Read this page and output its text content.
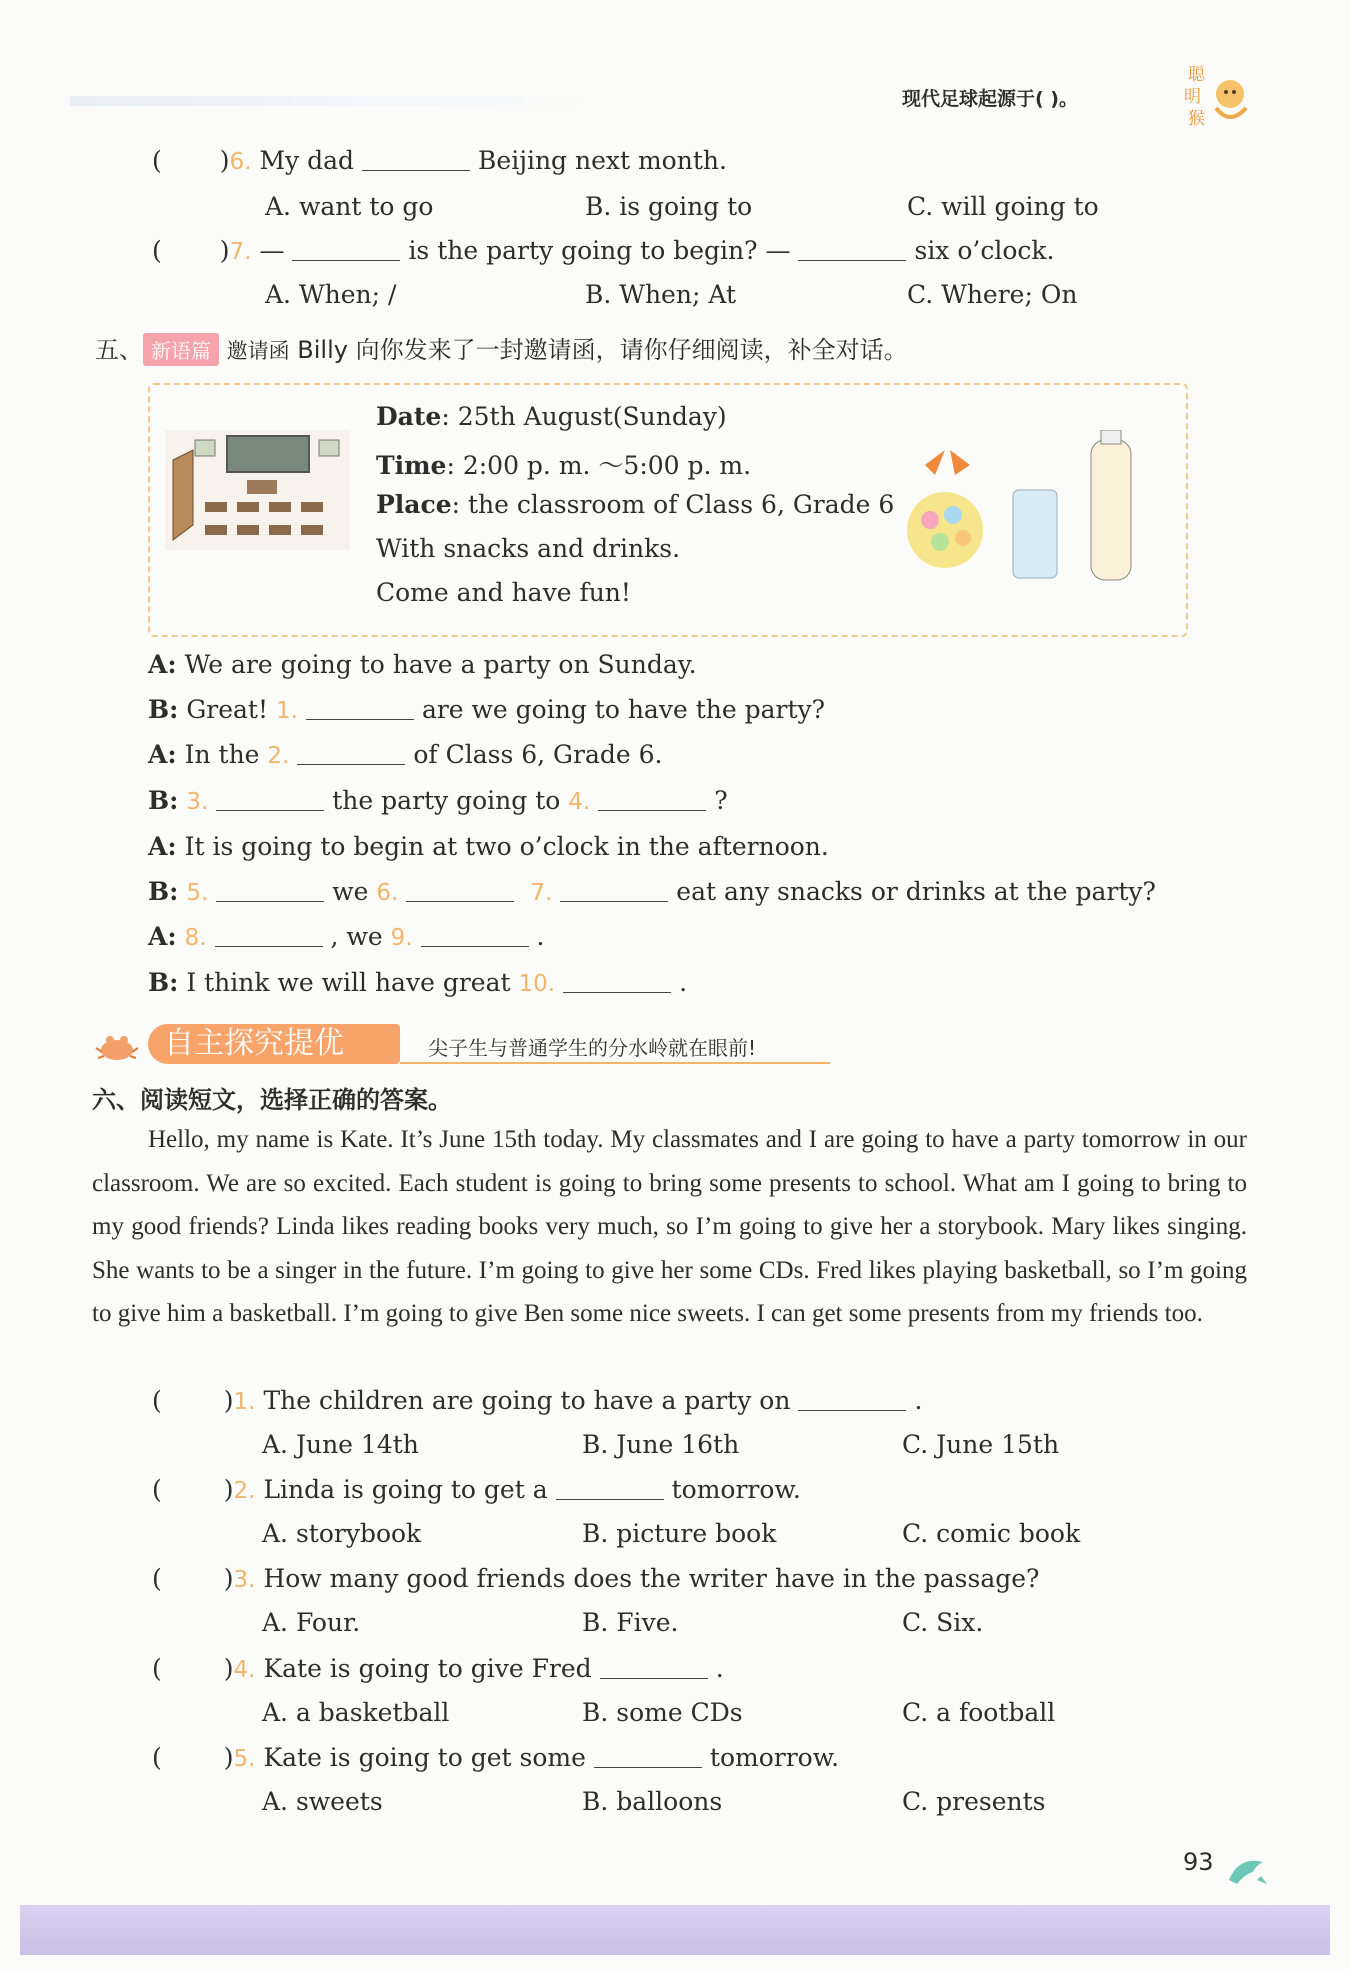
现代足球起源于( )。
聪
明
猴
( )6. My dad	Beijing next month.
A. want to go	B. is going to	C. will going to
( )7. —	is the party going to begin? —	six o’clock.
A. When; /	B. When; At	C. Where; On
五、 新语篇 邀请函 Billy 向你发来了一封邀请函，请你仔细阅读，补全对话。
Date: 25th August(Sunday)
Time: 2:00 p. m. ～5:00 p. m.
Place: the classroom of Class 6, Grade 6
With snacks and drinks.
Come and have fun!
A: We are going to have a party on Sunday.
B: Great! 1.	are we going to have the party?
A: In the 2.	of Class 6, Grade 6.
B: 3.	the party going to 4.	?
A: It is going to begin at two o’clock in the afternoon.
B: 5.	we 6.	7.	eat any snacks or drinks at the party?
A: 8.	, we 9.	.
B: I think we will have great 10.	.
自主探究提优	尖子生与普通学生的分水岭就在眼前!
六、阅读短文，选择正确的答案。

Hello, my name is Kate. It’s June 15th today. My classmates and I are going to have a party tomorrow in our classroom. We are so excited. Each student is going to bring some presents to school. What am I going to bring to my good friends? Linda likes reading books very much, so I’m going to give her a storybook. Mary likes singing. She wants to be a singer in the future. I’m going to give her some CDs. Fred likes playing basketball, so I’m going to give him a basketball. I’m going to give Ben some nice sweets. I can get some presents from my friends too.

( )1. The children are going to have a party on	.
A. June 14th	B. June 16th	C. June 15th
( )2. Linda is going to get a	tomorrow.
A. storybook	B. picture book	C. comic book
( )3. How many good friends does the writer have in the passage?
A. Four.	B. Five.	C. Six.
( )4. Kate is going to give Fred	.
A. a basketball	B. some CDs	C. a football
( )5. Kate is going to get some	tomorrow.
A. sweets	B. balloons	C. presents
93
